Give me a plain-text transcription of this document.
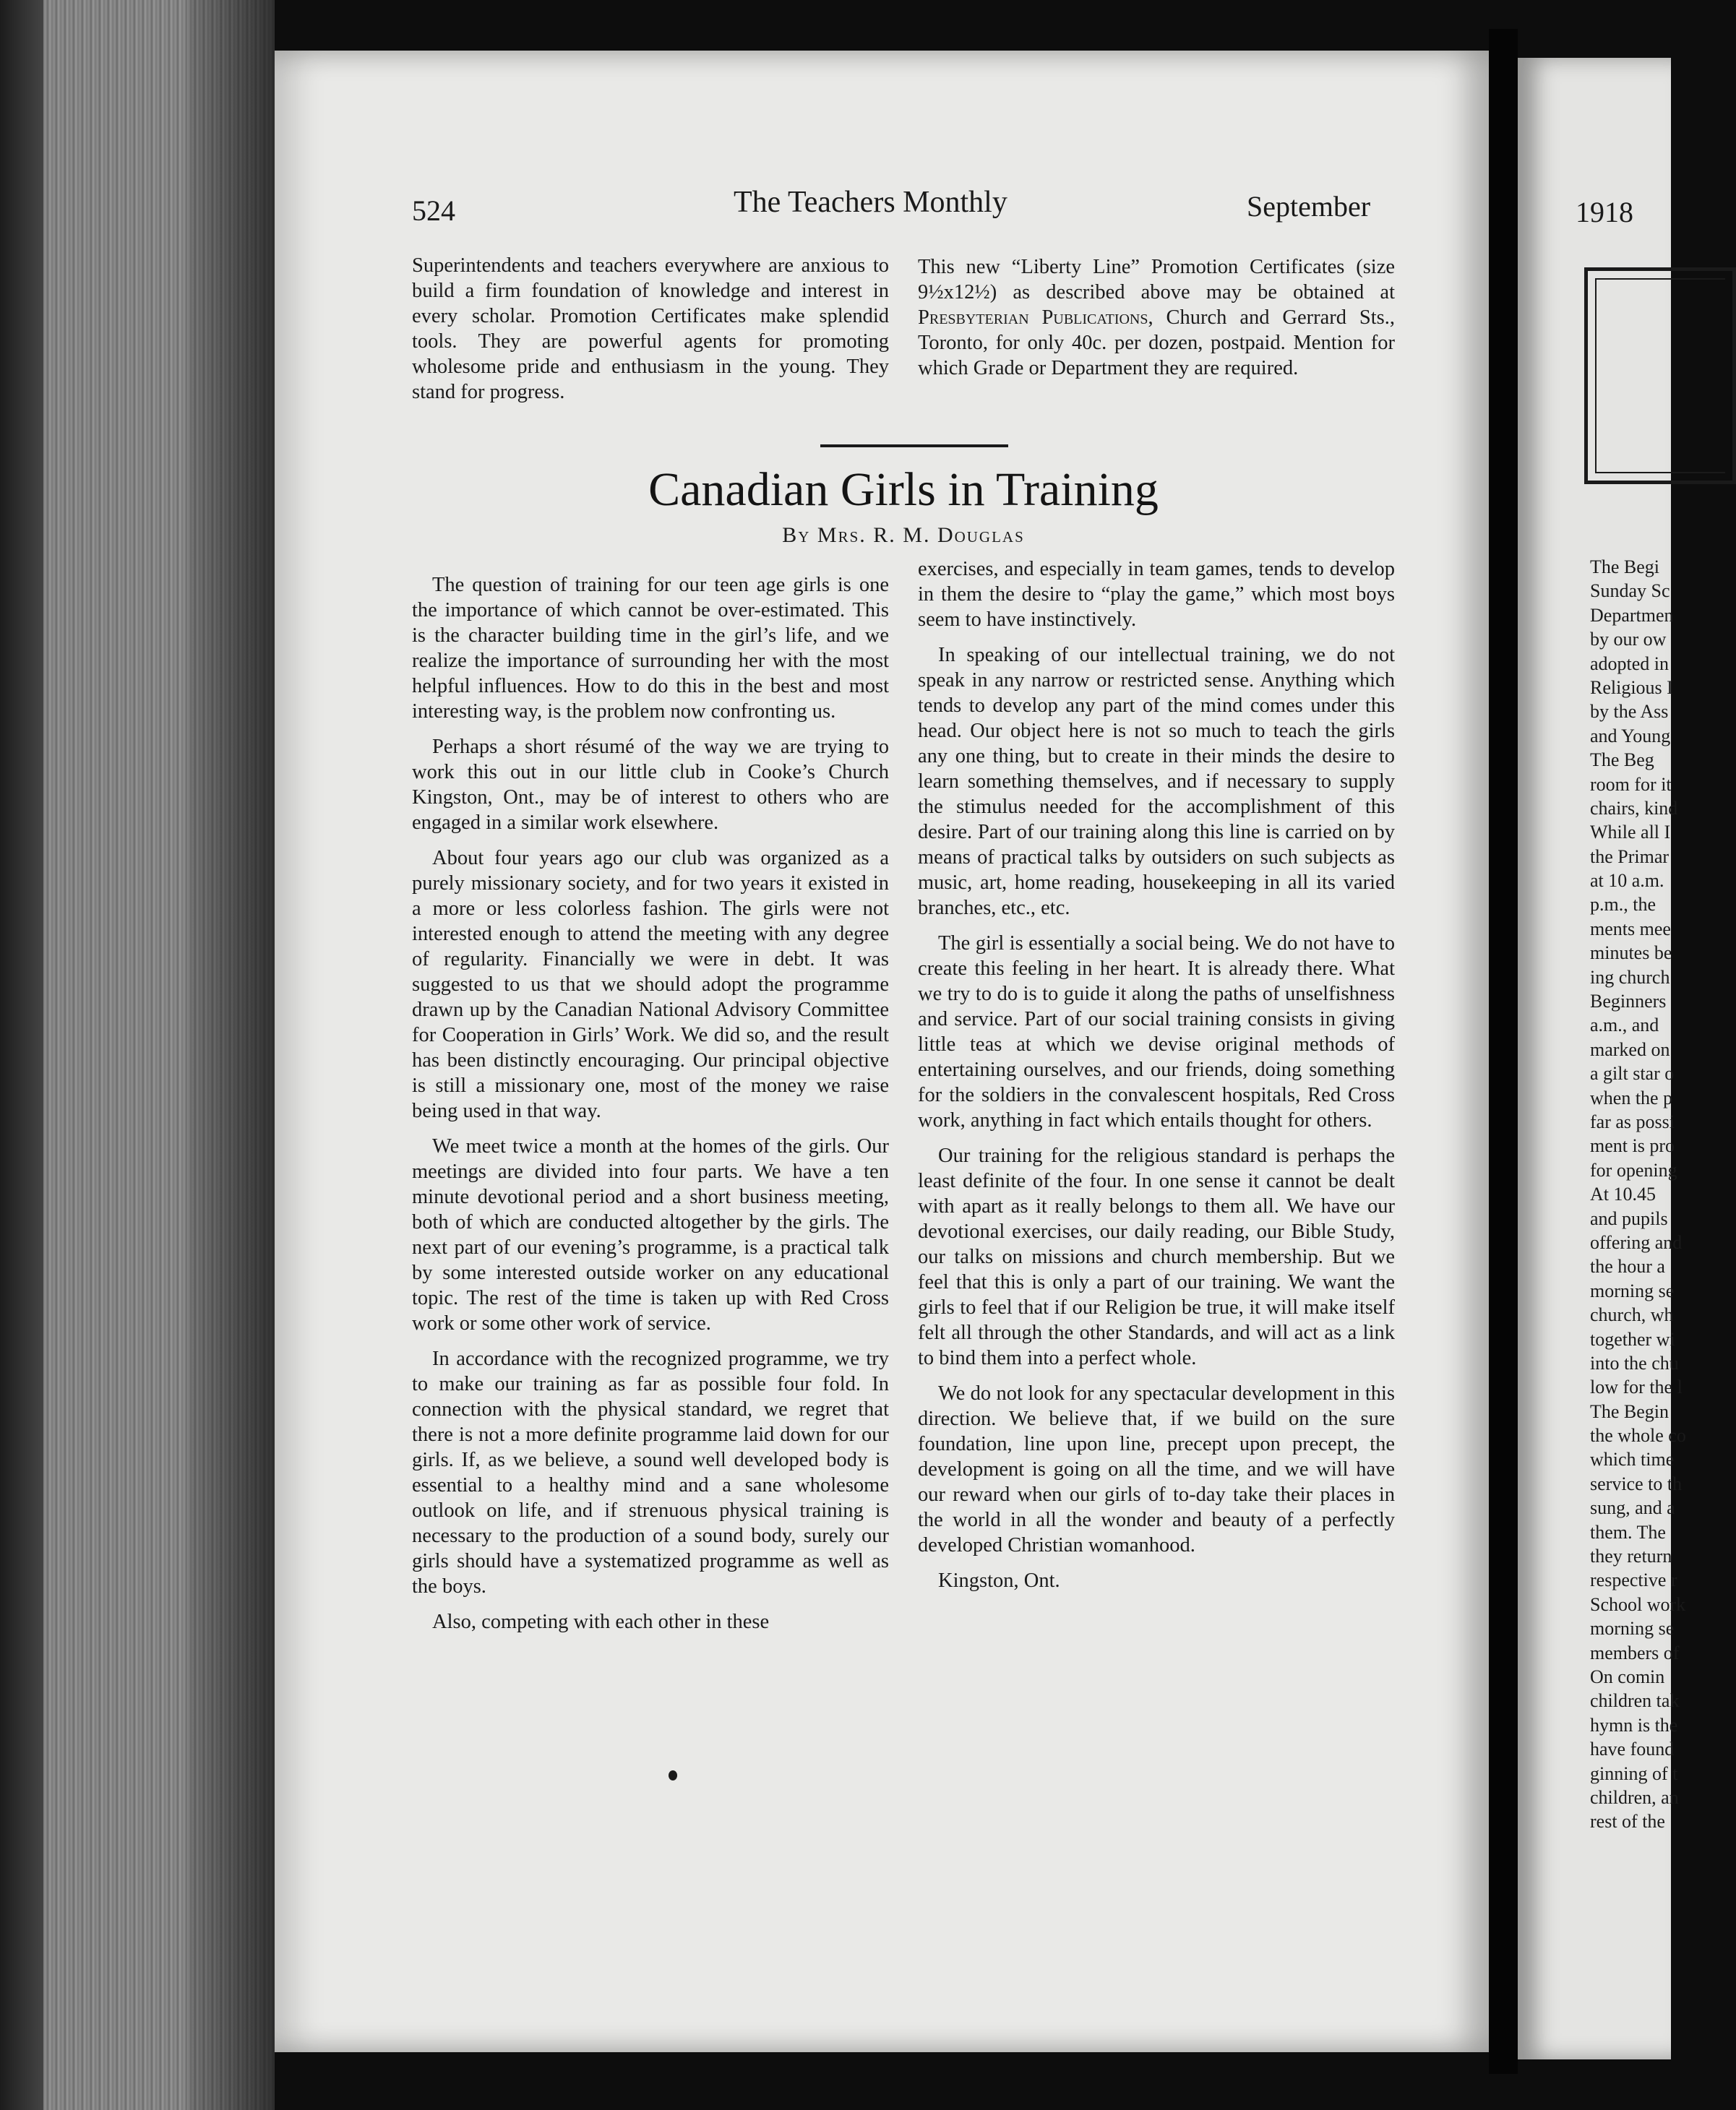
524	The Teachers Monthly	September

Superintendents and teachers everywhere are anxious to build a firm foundation of knowledge and interest in every scholar. Promotion Certificates make splendid tools. They are powerful agents for promoting wholesome pride and enthusiasm in the young. They stand for progress.

This new “Liberty Line” Promotion Certificates (size 9½x12½) as described above may be obtained at Presbyterian Publications, Church and Gerrard Sts., Toronto, for only 40c. per dozen, postpaid. Mention for which Grade or Department they are required.

Canadian Girls in Training
By Mrs. R. M. Douglas

The question of training for our teen age girls is one the importance of which cannot be over-estimated. This is the character building time in the girl’s life, and we realize the importance of surrounding her with the most helpful influences. How to do this in the best and most interesting way, is the problem now confronting us.

Perhaps a short résumé of the way we are trying to work this out in our little club in Cooke’s Church Kingston, Ont., may be of interest to others who are engaged in a similar work elsewhere.

About four years ago our club was organized as a purely missionary society, and for two years it existed in a more or less colorless fashion. The girls were not interested enough to attend the meeting with any degree of regularity. Financially we were in debt. It was suggested to us that we should adopt the programme drawn up by the Canadian National Advisory Committee for Cooperation in Girls’ Work. We did so, and the result has been distinctly encouraging. Our principal objective is still a missionary one, most of the money we raise being used in that way.

We meet twice a month at the homes of the girls. Our meetings are divided into four parts. We have a ten minute devotional period and a short business meeting, both of which are conducted altogether by the girls. The next part of our evening’s programme, is a practical talk by some interested outside worker on any educational topic. The rest of the time is taken up with Red Cross work or some other work of service.

In accordance with the recognized programme, we try to make our training as far as possible four fold. In connection with the physical standard, we regret that there is not a more definite programme laid down for our girls. If, as we believe, a sound well developed body is essential to a healthy mind and a sane wholesome outlook on life, and if strenuous physical training is necessary to the production of a sound body, surely our girls should have a systematized programme as well as the boys.

Also, competing with each other in these

exercises, and especially in team games, tends to develop in them the desire to “play the game,” which most boys seem to have instinctively.

In speaking of our intellectual training, we do not speak in any narrow or restricted sense. Anything which tends to develop any part of the mind comes under this head. Our object here is not so much to teach the girls any one thing, but to create in their minds the desire to learn something themselves, and if necessary to supply the stimulus needed for the accomplishment of this desire. Part of our training along this line is carried on by means of practical talks by outsiders on such subjects as music, art, home reading, housekeeping in all its varied branches, etc., etc.

The girl is essentially a social being. We do not have to create this feeling in her heart. It is already there. What we try to do is to guide it along the paths of unselfishness and service. Part of our social training consists in giving little teas at which we devise original methods of entertaining ourselves, and our friends, doing something for the soldiers in the convalescent hospitals, Red Cross work, anything in fact which entails thought for others.

Our training for the religious standard is perhaps the least definite of the four. In one sense it cannot be dealt with apart as it really belongs to them all. We have our devotional exercises, our daily reading, our Bible Study, our talks on missions and church membership. But we feel that this is only a part of our training. We want the girls to feel that if our Religion be true, it will make itself felt all through the other Standards, and will act as a link to bind them into a perfect whole.

We do not look for any spectacular development in this direction. We believe that, if we build on the sure foundation, line upon line, precept upon precept, the development is going on all the time, and we will have our reward when our girls of to-day take their places in the world in all the wonder and beauty of a perfectly developed Christian womanhood.

Kingston, Ont.

1918
The Begi
Sunday Sc
Departmen
by our ow
adopted in
Religious I
by the Ass
and Young
The Beg
room for it
chairs, kind
While all I
the Primar
at 10 a.m.
p.m., the
ments mee
minutes be
ing church
Beginners
a.m., and
marked on
a gilt star o
when the p
far as possi
ment is pro
for opening
At 10.45
and pupils
offering and
the hour a
morning se
church, wh
together wi
into the chu
low for the l
The Begin
the whole co
which time
service to th
sung, and a
them. The
they return
respective r
School work
morning se
members of
On comin
children tak
hymn is the
have found
ginning of t
children, an
rest of the
